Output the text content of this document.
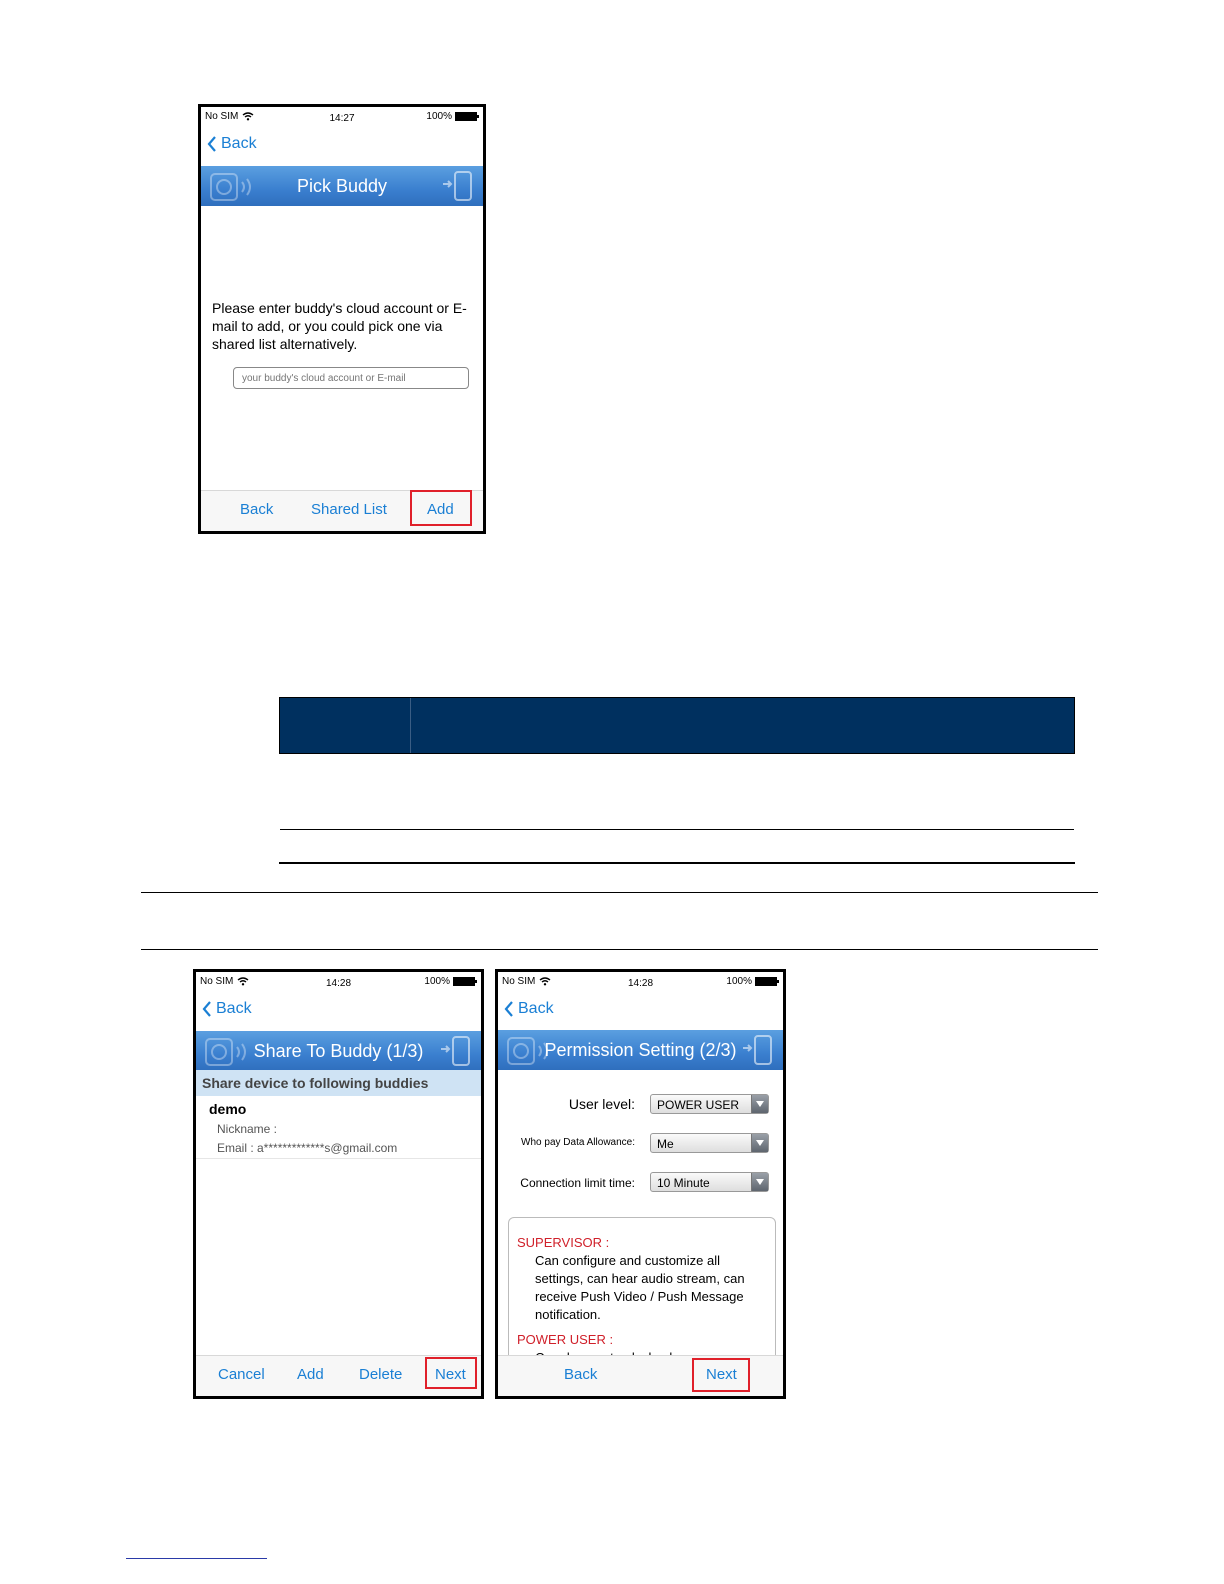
No SIM	14:27	100%
Back
Pick Buddy
Please enter buddy's cloud account or E-mail to add, or you could pick one via shared list alternatively.
your buddy's cloud account or E-mail
Back	Shared List	Add
No SIM	14:28	100%
Back
Share To Buddy (1/3)
Share device to following buddies
demo
Nickname :
Email : a*************s@gmail.com
Cancel Add Delete Next
No SIM	14:28	100%
Back
Permission Setting (2/3)
User level:	POWER USER
Who pay Data Allowance:	Me
Connection limit time:	10 Minute
SUPERVISOR :
Can configure and customize all settings, can hear audio stream, can receive Push Video / Push Message notification.
POWER USER :
Back	Next
